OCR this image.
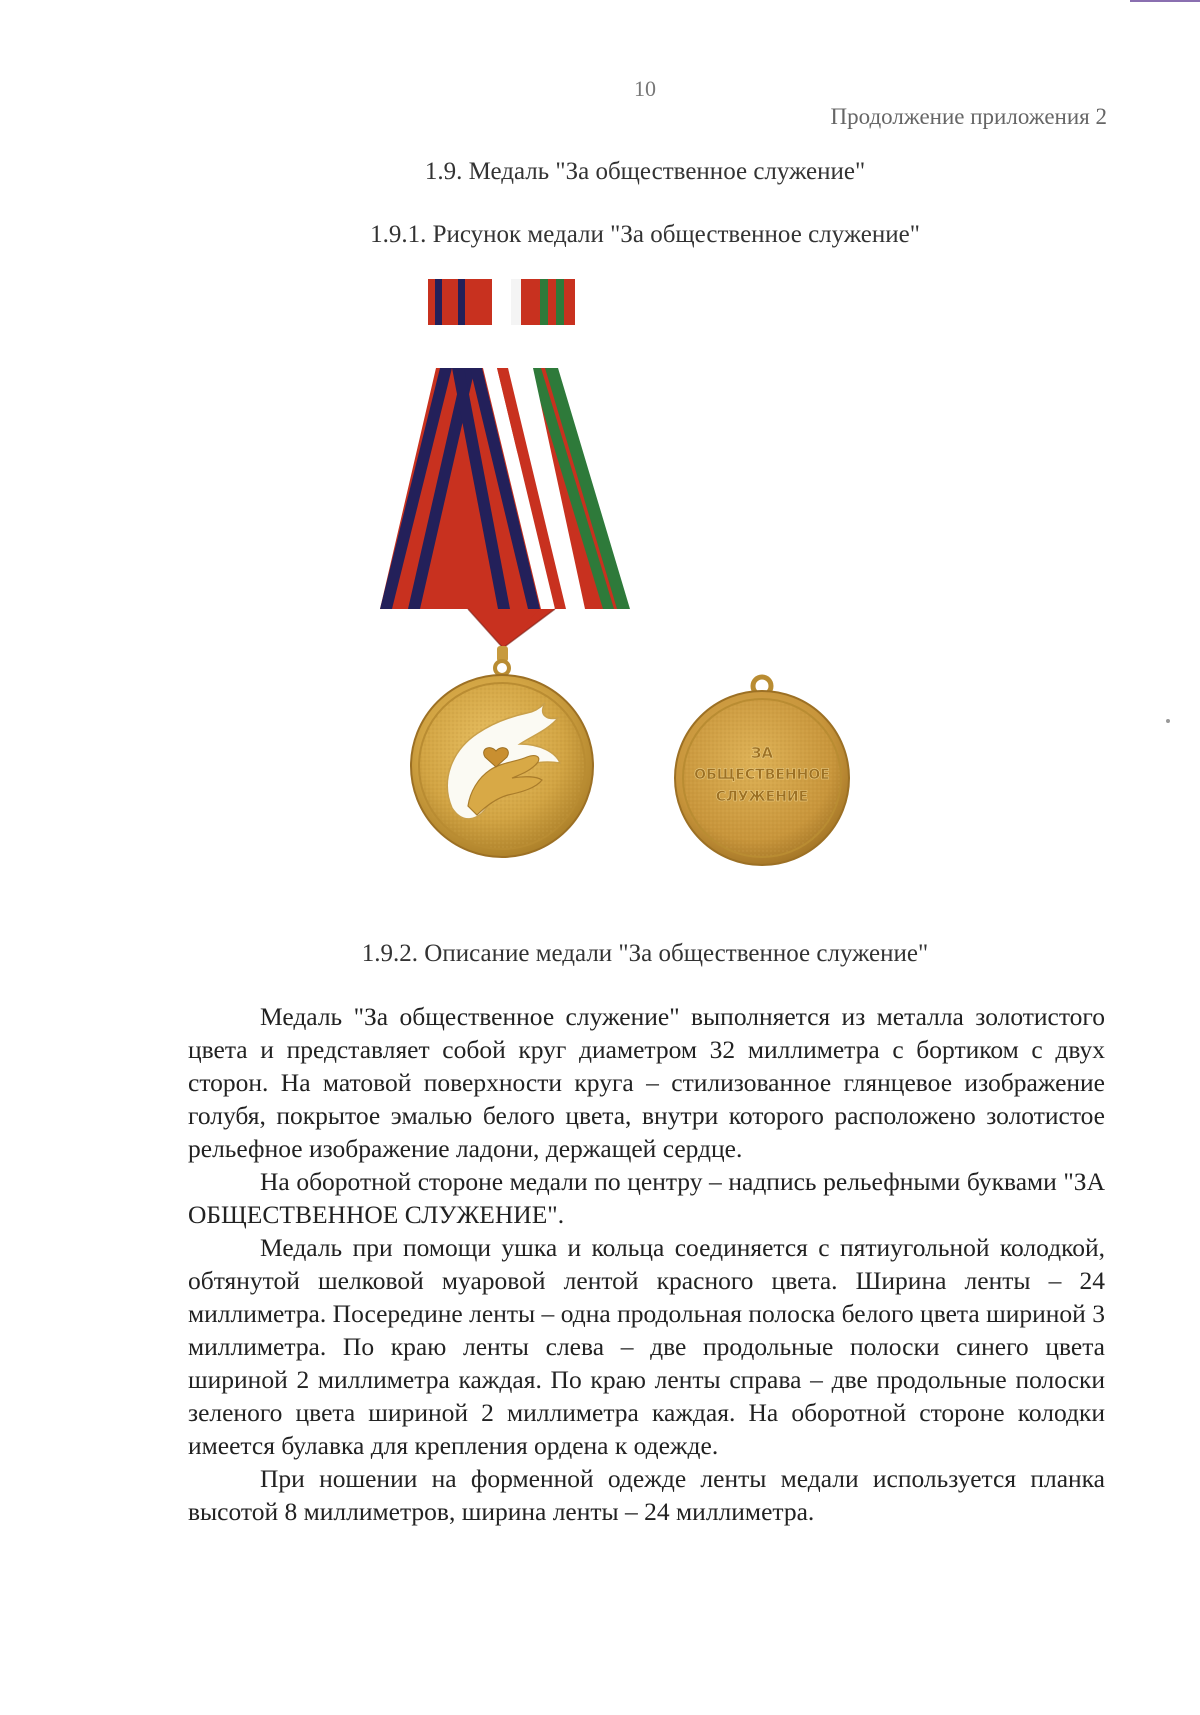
10
Продолжение приложения 2
1.9. Медаль "За общественное служение"
1.9.1. Рисунок медали "За общественное служение"
ЗА
ОБЩЕСТВЕННОЕ
СЛУЖЕНИЕ
1.9.2. Описание медали "За общественное служение"

Медаль "За общественное служение" выполняется из металла золотистого цвета и представляет собой круг диаметром 32 миллиметра с бортиком с двух сторон. На матовой поверхности круга – стилизованное глянцевое изображение голубя, покрытое эмалью белого цвета, внутри которого расположено золотистое рельефное изображение ладони, держащей сердце.

На оборотной стороне медали по центру – надпись рельефными буквами "ЗА ОБЩЕСТВЕННОЕ СЛУЖЕНИЕ".

Медаль при помощи ушка и кольца соединяется с пятиугольной колодкой, обтянутой шелковой муаровой лентой красного цвета. Ширина ленты – 24 миллиметра. Посередине ленты – одна продольная полоска белого цвета шириной 3 миллиметра. По краю ленты слева – две продольные полоски синего цвета шириной 2 миллиметра каждая. По краю ленты справа – две продольные полоски зеленого цвета шириной 2 миллиметра каждая. На оборотной стороне колодки имеется булавка для крепления ордена к одежде.

При ношении на форменной одежде ленты медали используется планка высотой 8 миллиметров, ширина ленты – 24 миллиметра.
